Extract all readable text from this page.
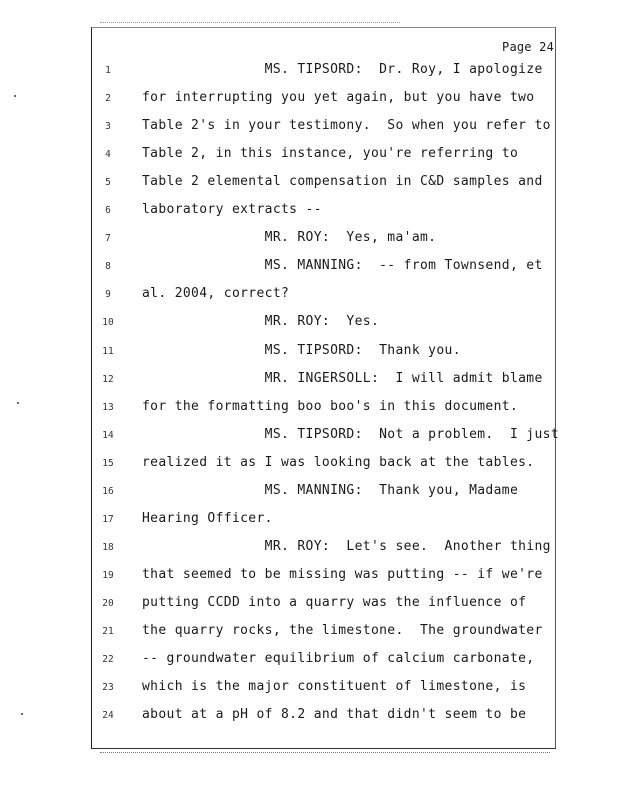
Page 24
1	MS. TIPSORD:  Dr. Roy, I apologize
2	for interrupting you yet again, but you have two
3	Table 2's in your testimony.  So when you refer to
4	Table 2, in this instance, you're referring to
5	Table 2 elemental compensation in C&D samples and
6	laboratory extracts --
7	MR. ROY:  Yes, ma'am.
8	MS. MANNING:  -- from Townsend, et
9	al. 2004, correct?
10	MR. ROY:  Yes.
11	MS. TIPSORD:  Thank you.
12	MR. INGERSOLL:  I will admit blame
13	for the formatting boo boo's in this document.
14	MS. TIPSORD:  Not a problem.  I just
15	realized it as I was looking back at the tables.
16	MS. MANNING:  Thank you, Madame
17	Hearing Officer.
18	MR. ROY:  Let's see.  Another thing
19	that seemed to be missing was putting -- if we're
20	putting CCDD into a quarry was the influence of
21	the quarry rocks, the limestone.  The groundwater
22	-- groundwater equilibrium of calcium carbonate,
23	which is the major constituent of limestone, is
24	about at a pH of 8.2 and that didn't seem to be
